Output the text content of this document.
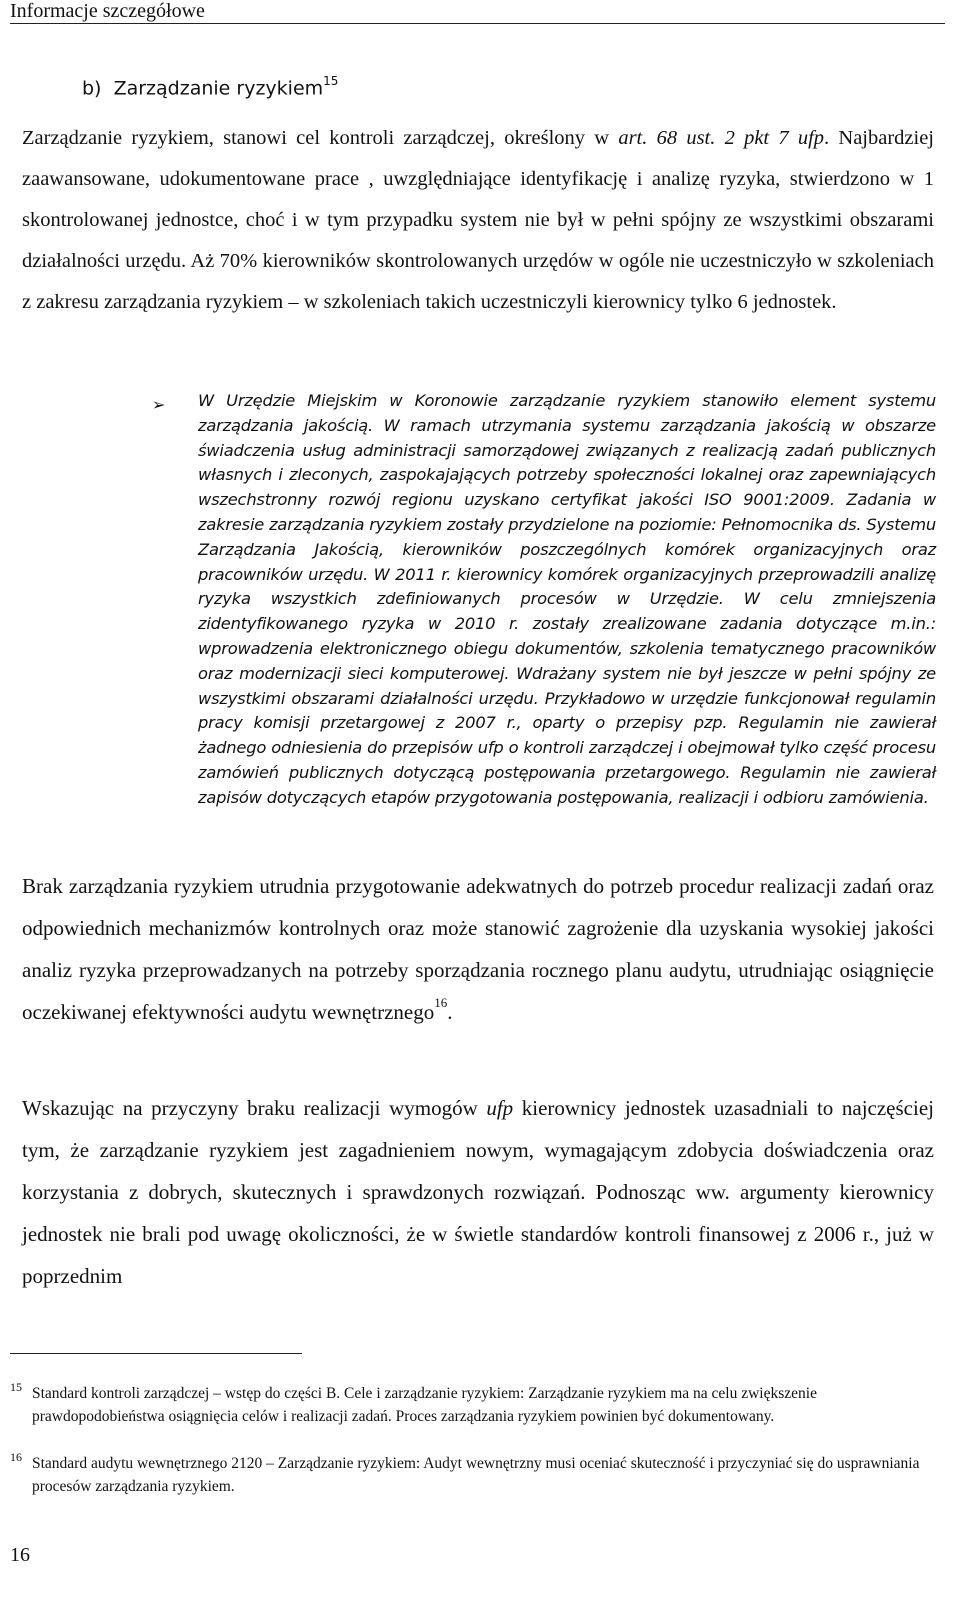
Informacje szczegółowe
b) Zarządzanie ryzykiem$^{15}$
Zarządzanie ryzykiem, stanowi cel kontroli zarządczej, określony w art. 68 ust. 2 pkt 7 ufp. Najbardziej zaawansowane, udokumentowane prace , uwzględniające identyfikację i analizę ryzyka, stwierdzono w 1 skontrolowanej jednostce, choć i w tym przypadku system nie był w pełni spójny ze wszystkimi obszarami działalności urzędu. Aż 70% kierowników skontrolowanych urzędów w ogóle nie uczestniczyło w szkoleniach z zakresu zarządzania ryzykiem – w szkoleniach takich uczestniczyli kierownicy tylko 6 jednostek.
➢ W Urzędzie Miejskim w Koronowie zarządzanie ryzykiem stanowiło element systemu zarządzania jakością. W ramach utrzymania systemu zarządzania jakością w obszarze świadczenia usług administracji samorządowej związanych z realizacją zadań publicznych własnych i zleconych, zaspokajających potrzeby społeczności lokalnej oraz zapewniających wszechstronny rozwój regionu uzyskano certyfikat jakości ISO 9001:2009. Zadania w zakresie zarządzania ryzykiem zostały przydzielone na poziomie: Pełnomocnika ds. Systemu Zarządzania Jakością, kierowników poszczególnych komórek organizacyjnych oraz pracowników urzędu. W 2011 r. kierownicy komórek organizacyjnych przeprowadzili analizę ryzyka wszystkich zdefiniowanych procesów w Urzędzie. W celu zmniejszenia zidentyfikowanego ryzyka w 2010 r. zostały zrealizowane zadania dotyczące m.in.: wprowadzenia elektronicznego obiegu dokumentów, szkolenia tematycznego pracowników oraz modernizacji sieci komputerowej. Wdrażany system nie był jeszcze w pełni spójny ze wszystkimi obszarami działalności urzędu. Przykładowo w urzędzie funkcjonował regulamin pracy komisji przetargowej z 2007 r., oparty o przepisy pzp. Regulamin nie zawierał żadnego odniesienia do przepisów ufp o kontroli zarządczej i obejmował tylko część procesu zamówień publicznych dotyczącą postępowania przetargowego. Regulamin nie zawierał zapisów dotyczących etapów przygotowania postępowania, realizacji i odbioru zamówienia.
Brak zarządzania ryzykiem utrudnia przygotowanie adekwatnych do potrzeb procedur realizacji zadań oraz odpowiednich mechanizmów kontrolnych oraz może stanowić zagrożenie dla uzyskania wysokiej jakości analiz ryzyka przeprowadzanych na potrzeby sporządzania rocznego planu audytu, utrudniając osiągnięcie oczekiwanej efektywności audytu wewnętrznego$^{16}$.
Wskazując na przyczyny braku realizacji wymogów ufp kierownicy jednostek uzasadniali to najczęściej tym, że zarządzanie ryzykiem jest zagadnieniem nowym, wymagającym zdobycia doświadczenia oraz korzystania z dobrych, skutecznych i sprawdzonych rozwiązań. Podnosząc ww. argumenty kierownicy jednostek nie brali pod uwagę okoliczności, że w świetle standardów kontroli finansowej z 2006 r., już w poprzednim
15 Standard kontroli zarządczej – wstęp do części B. Cele i zarządzanie ryzykiem: Zarządzanie ryzykiem ma na celu zwiększenie prawdopodobieństwa osiągnięcia celów i realizacji zadań. Proces zarządzania ryzykiem powinien być dokumentowany.
16 Standard audytu wewnętrznego 2120 – Zarządzanie ryzykiem: Audyt wewnętrzny musi oceniać skuteczność i przyczyniać się do usprawniania procesów zarządzania ryzykiem.
16
